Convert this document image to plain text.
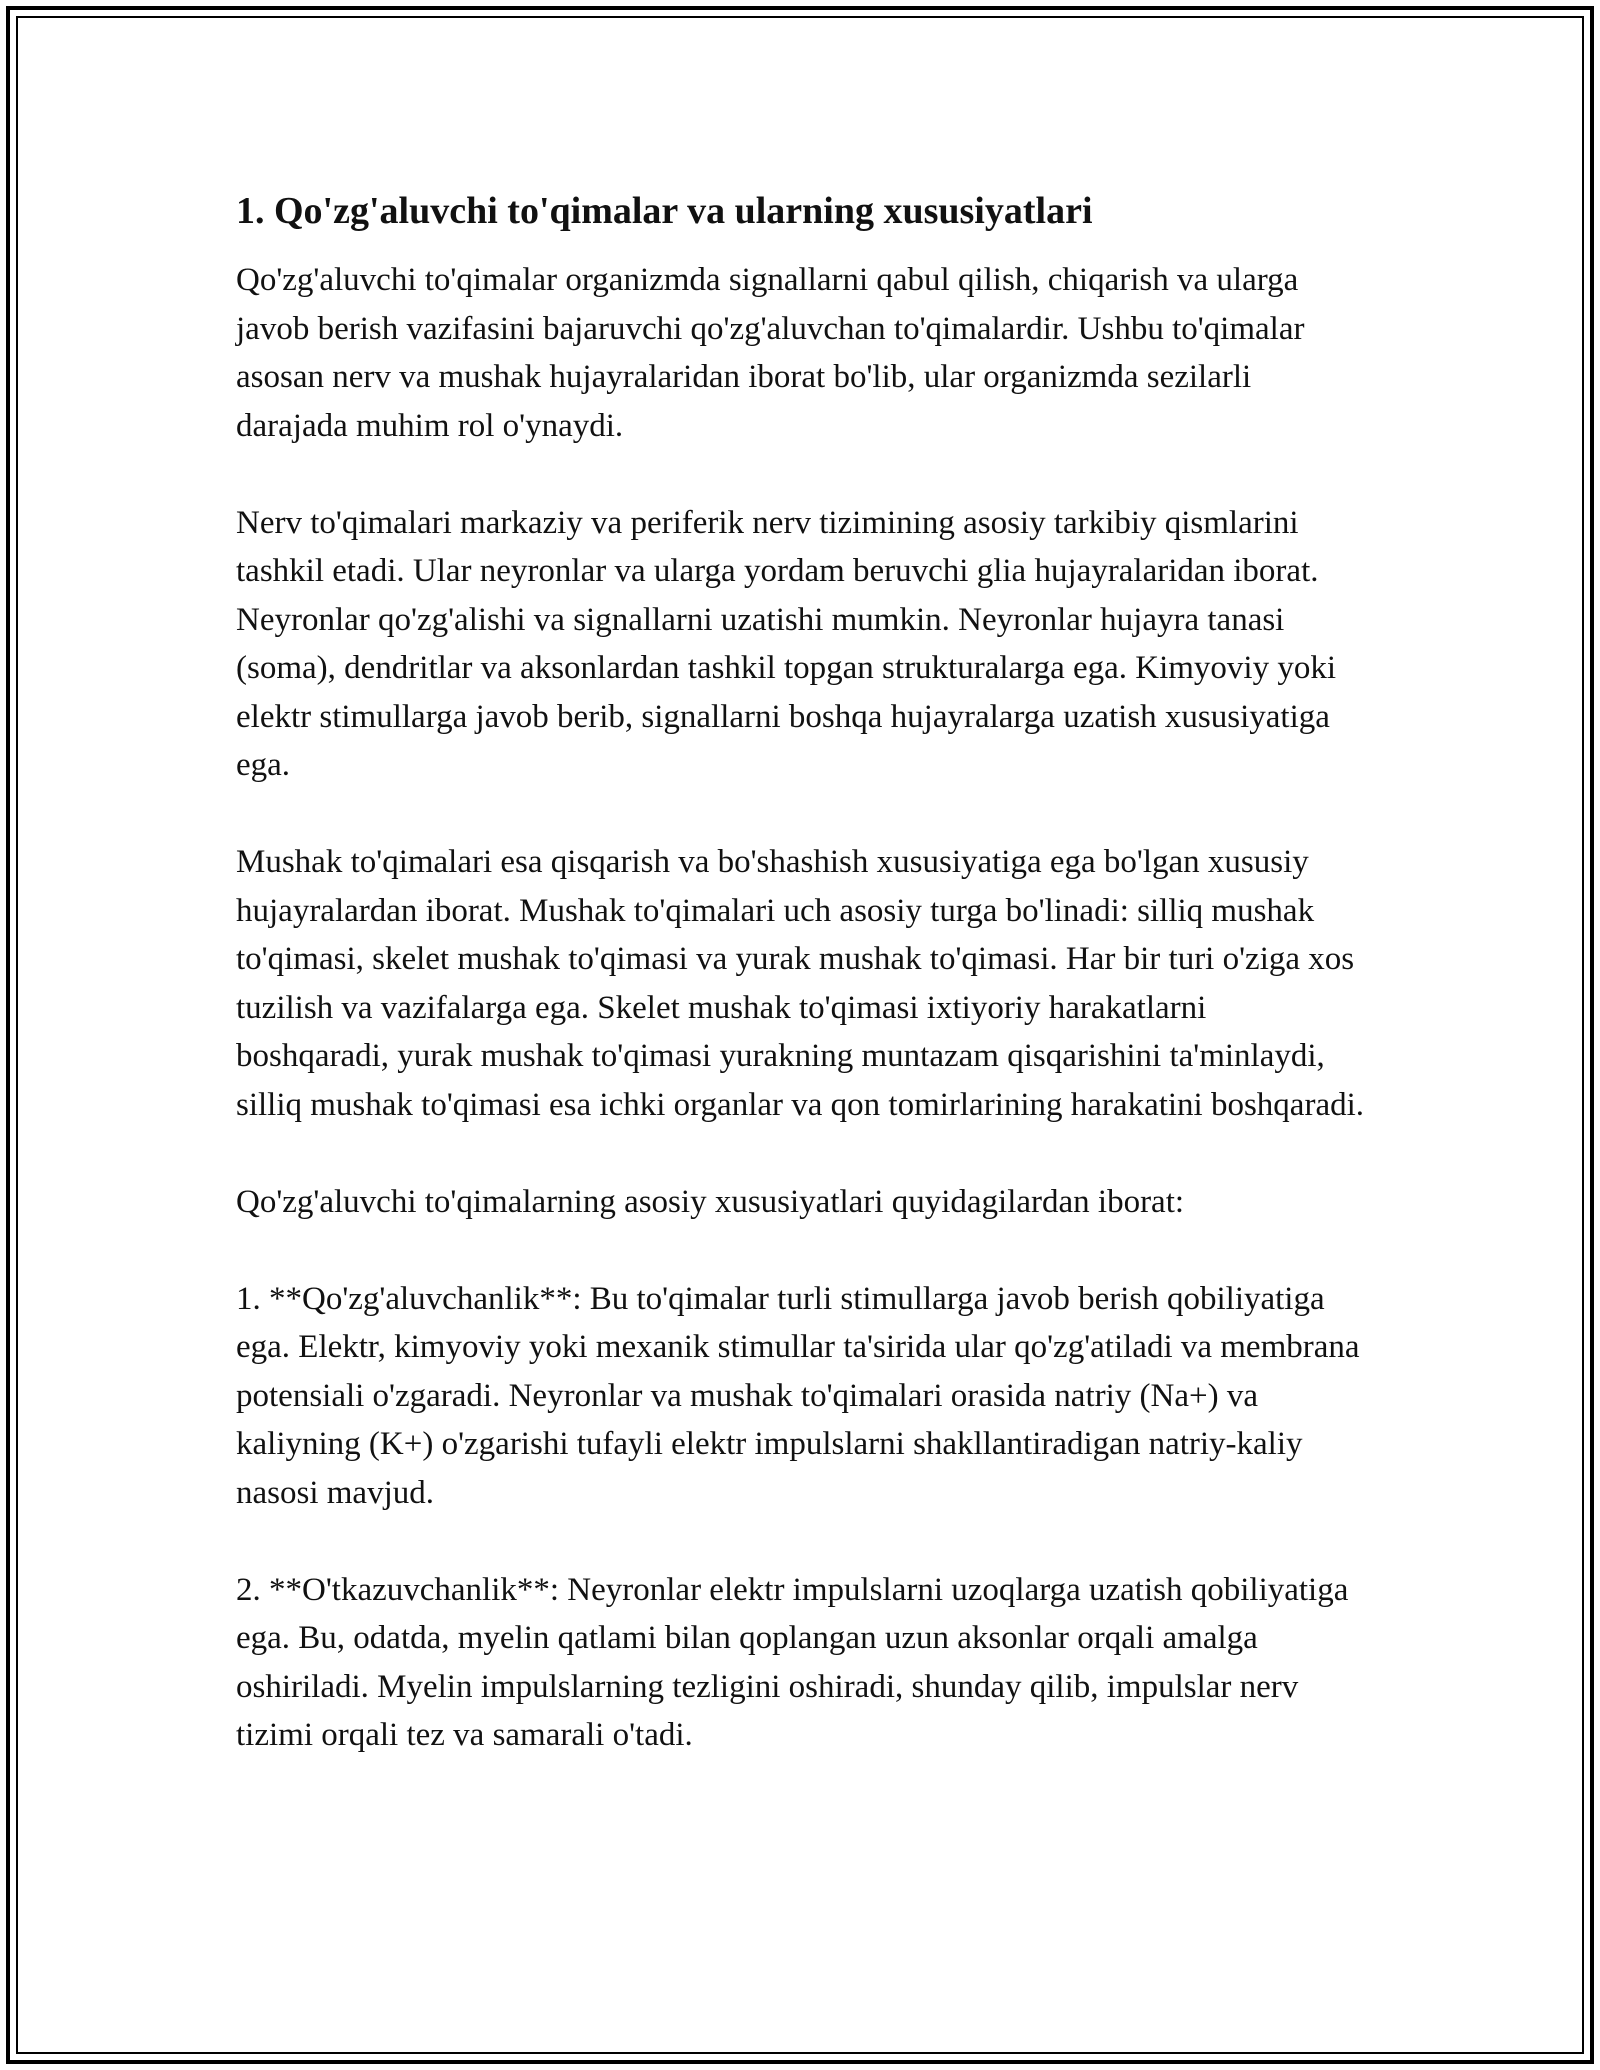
1. Qo'zg'aluvchi to'qimalar va ularning xususiyatlari

Qo'zg'aluvchi to'qimalar organizmda signallarni qabul qilish, chiqarish va ularga javob berish vazifasini bajaruvchi qo'zg'aluvchan to'qimalardir. Ushbu to'qimalar asosan nerv va mushak hujayralaridan iborat bo'lib, ular organizmda sezilarli darajada muhim rol o'ynaydi.

Nerv to'qimalari markaziy va periferik nerv tizimining asosiy tarkibiy qismlarini tashkil etadi. Ular neyronlar va ularga yordam beruvchi glia hujayralaridan iborat. Neyronlar qo'zg'alishi va signallarni uzatishi mumkin. Neyronlar hujayra tanasi (soma), dendritlar va aksonlardan tashkil topgan strukturalarga ega. Kimyoviy yoki elektr stimullarga javob berib, signallarni boshqa hujayralarga uzatish xususiyatiga ega.

Mushak to'qimalari esa qisqarish va bo'shashish xususiyatiga ega bo'lgan xususiy hujayralardan iborat. Mushak to'qimalari uch asosiy turga bo'linadi: silliq mushak to'qimasi, skelet mushak to'qimasi va yurak mushak to'qimasi. Har bir turi o'ziga xos tuzilish va vazifalarga ega. Skelet mushak to'qimasi ixtiyoriy harakatlarni boshqaradi, yurak mushak to'qimasi yurakning muntazam qisqarishini ta'minlaydi, silliq mushak to'qimasi esa ichki organlar va qon tomirlarining harakatini boshqaradi.

Qo'zg'aluvchi to'qimalarning asosiy xususiyatlari quyidagilardan iborat:

1. **Qo'zg'aluvchanlik**: Bu to'qimalar turli stimullarga javob berish qobiliyatiga ega. Elektr, kimyoviy yoki mexanik stimullar ta'sirida ular qo'zg'atiladi va membrana potensiali o'zgaradi. Neyronlar va mushak to'qimalari orasida natriy (Na+) va kaliyning (K+) o'zgarishi tufayli elektr impulslarni shakllantiradigan natriy-kaliy nasosi mavjud.

2. **O'tkazuvchanlik**: Neyronlar elektr impulslarni uzoqlarga uzatish qobiliyatiga ega. Bu, odatda, myelin qatlami bilan qoplangan uzun aksonlar orqali amalga oshiriladi. Myelin impulslarning tezligini oshiradi, shunday qilib, impulslar nerv tizimi orqali tez va samarali o'tadi.
